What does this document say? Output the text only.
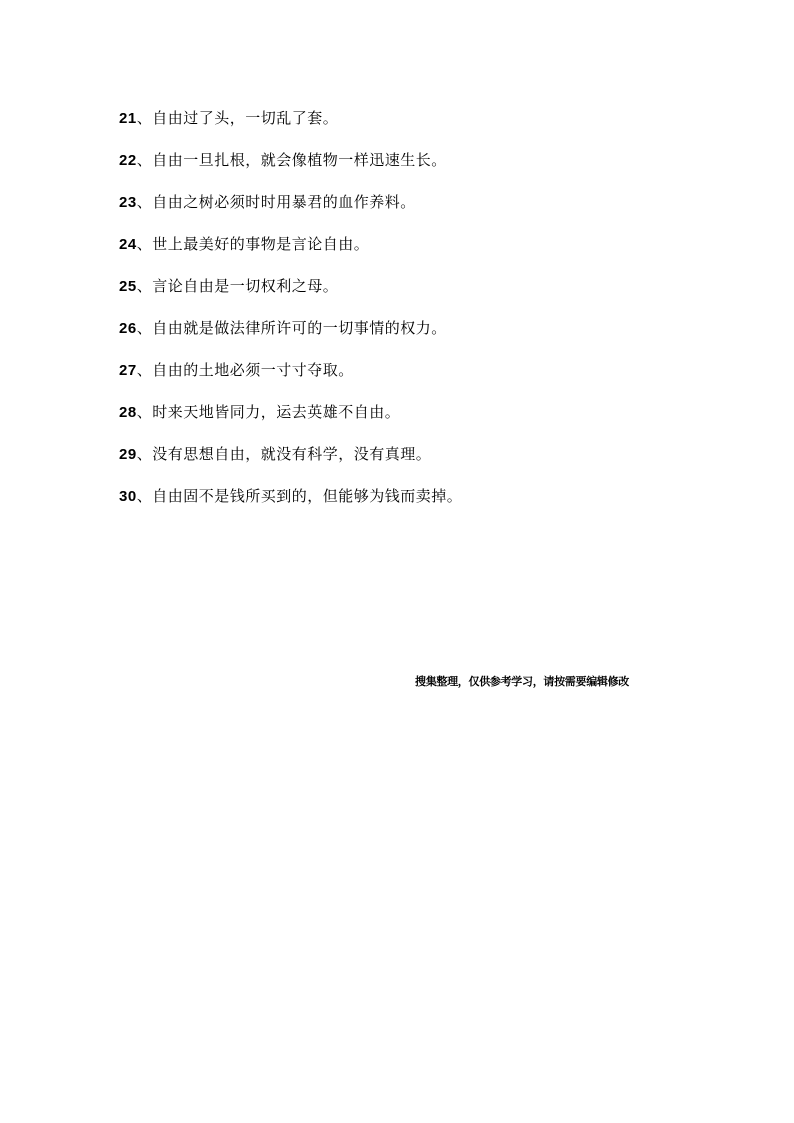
21、自由过了头，一切乱了套。
22、自由一旦扎根，就会像植物一样迅速生长。
23、自由之树必须时时用暴君的血作养料。
24、世上最美好的事物是言论自由。
25、言论自由是一切权利之母。
26、自由就是做法律所许可的一切事情的权力。
27、自由的土地必须一寸寸夺取。
28、时来天地皆同力，运去英雄不自由。
29、没有思想自由，就没有科学，没有真理。
30、自由固不是钱所买到的，但能够为钱而卖掉。
搜集整理，仅供参考学习，请按需要编辑修改
